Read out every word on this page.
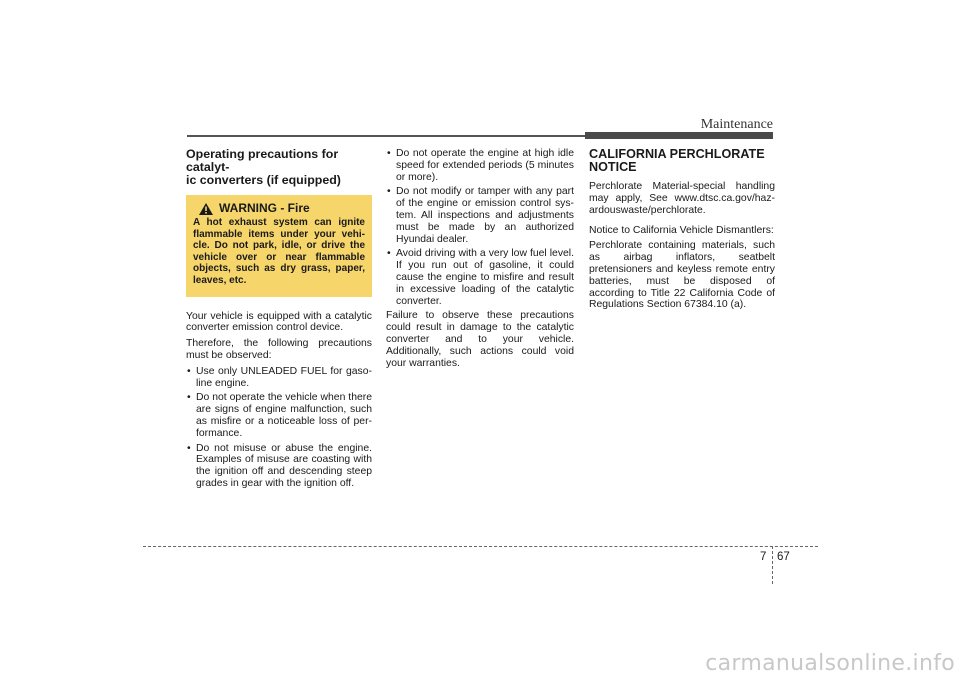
Maintenance
Operating precautions for catalyt-
ic converters (if equipped)
WARNING - Fire
A hot exhaust system can ignite flammable items under your vehi-cle. Do not park, idle, or drive the vehicle over or near flammable objects, such as dry grass, paper, leaves, etc.

Your vehicle is equipped with a catalytic converter emission control device.

Therefore, the following precautions must be observed:

• Use only UNLEADED FUEL for gaso-line engine.
• Do not operate the vehicle when there are signs of engine malfunction, such as misfire or a noticeable loss of per-formance.
• Do not misuse or abuse the engine. Examples of misuse are coasting with the ignition off and descending steep grades in gear with the ignition off.
• Do not operate the engine at high idle speed for extended periods (5 minutes or more).
• Do not modify or tamper with any part of the engine or emission control sys-tem. All inspections and adjustments must be made by an authorized Hyundai dealer.
• Avoid driving with a very low fuel level. If you run out of gasoline, it could cause the engine to misfire and result in excessive loading of the catalytic converter.

Failure to observe these precautions could result in damage to the catalytic converter and to your vehicle. Additionally, such actions could void your warranties.

CALIFORNIA PERCHLORATE NOTICE

Perchlorate Material-special handling may apply, See www.dtsc.ca.gov/haz-ardouswaste/perchlorate.

Notice to California Vehicle Dismantlers:

Perchlorate containing materials, such as airbag inflators, seatbelt pretensioners and keyless remote entry batteries, must be disposed of according to Title 22 California Code of Regulations Section 67384.10 (a).

7 67
carmanualsonline.info
